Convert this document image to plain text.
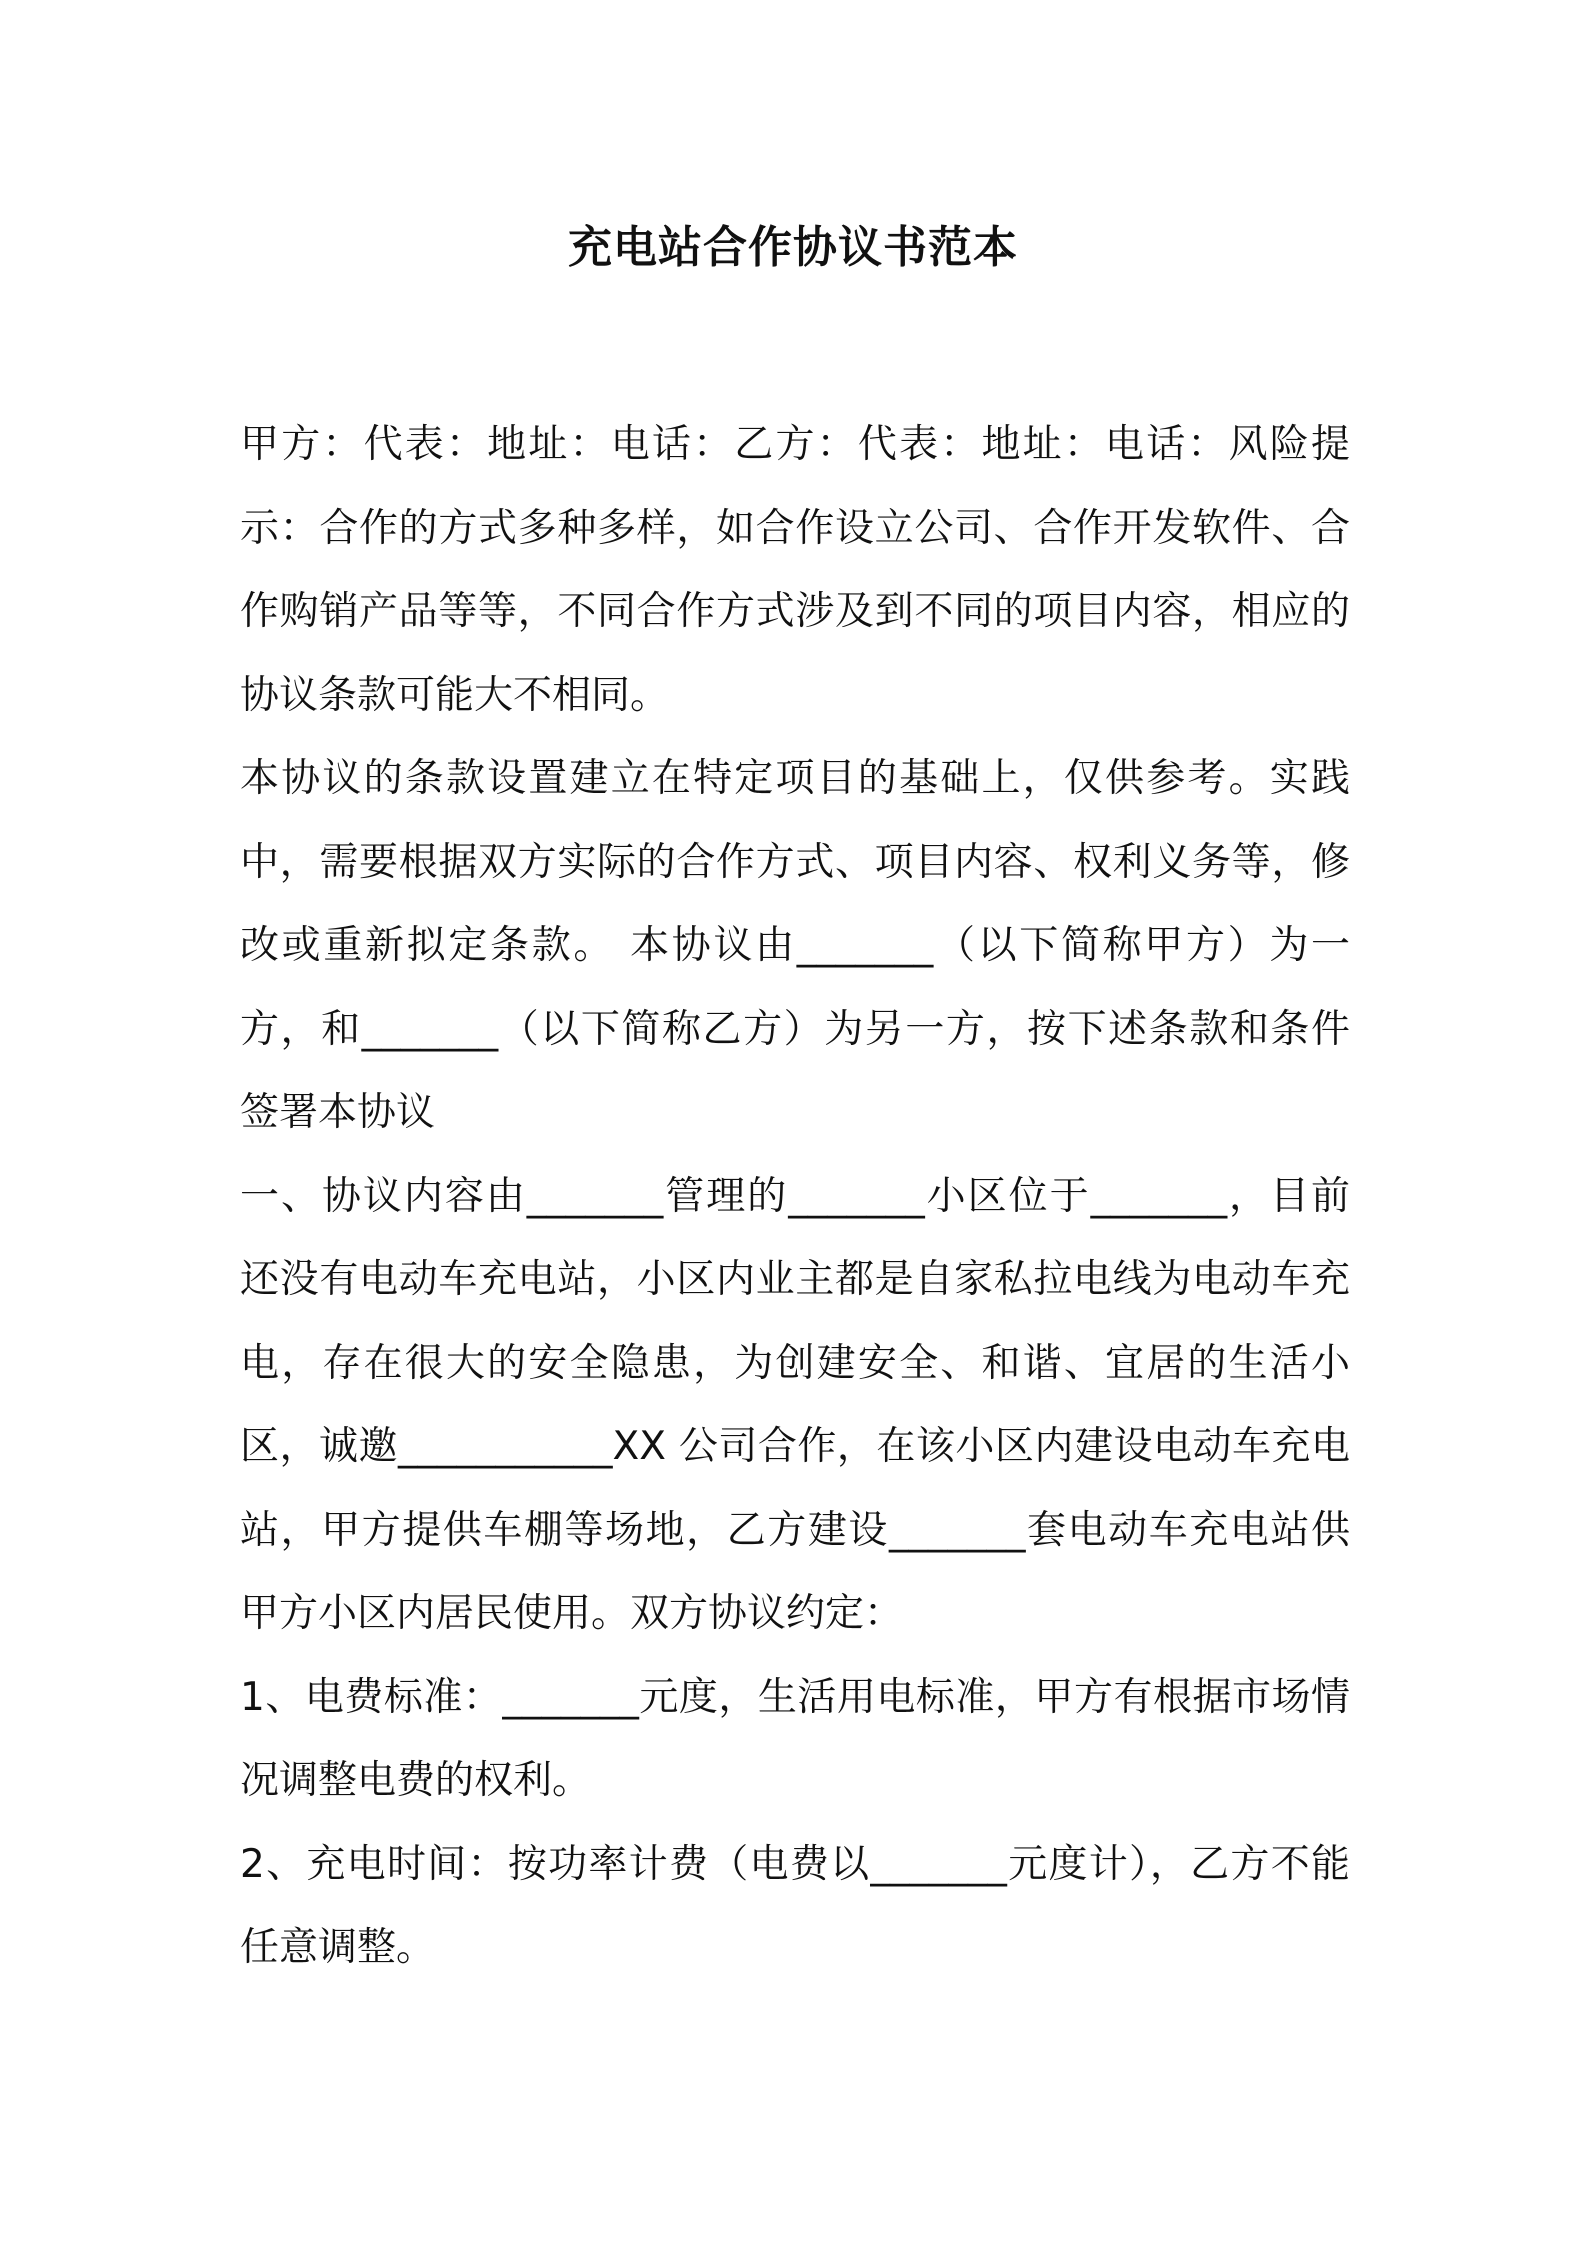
充电站合作协议书范本

甲方：代表：地址：电话：乙方：代表：地址：电话：风险提示：合作的方式多种多样，如合作设立公司、合作开发软件、合作购销产品等等，不同合作方式涉及到不同的项目内容，相应的协议条款可能大不相同。

本协议的条款设置建立在特定项目的基础上，仅供参考。实践中，需要根据双方实际的合作方式、项目内容、权利义务等，修改或重新拟定条款。 本协议由_______（以下简称甲方）为一方，和_______（以下简称乙方）为另一方，按下述条款和条件签署本协议

一、协议内容由_______管理的_______小区位于_______，目前还没有电动车充电站，小区内业主都是自家私拉电线为电动车充电，存在很大的安全隐患，为创建安全、和谐、宜居的生活小区，诚邀___________XX 公司合作，在该小区内建设电动车充电站，甲方提供车棚等场地，乙方建设_______套电动车充电站供甲方小区内居民使用。双方协议约定：

1、电费标准：_______元度，生活用电标准，甲方有根据市场情况调整电费的权利。

2、充电时间：按功率计费（电费以_______元度计），乙方不能任意调整。
